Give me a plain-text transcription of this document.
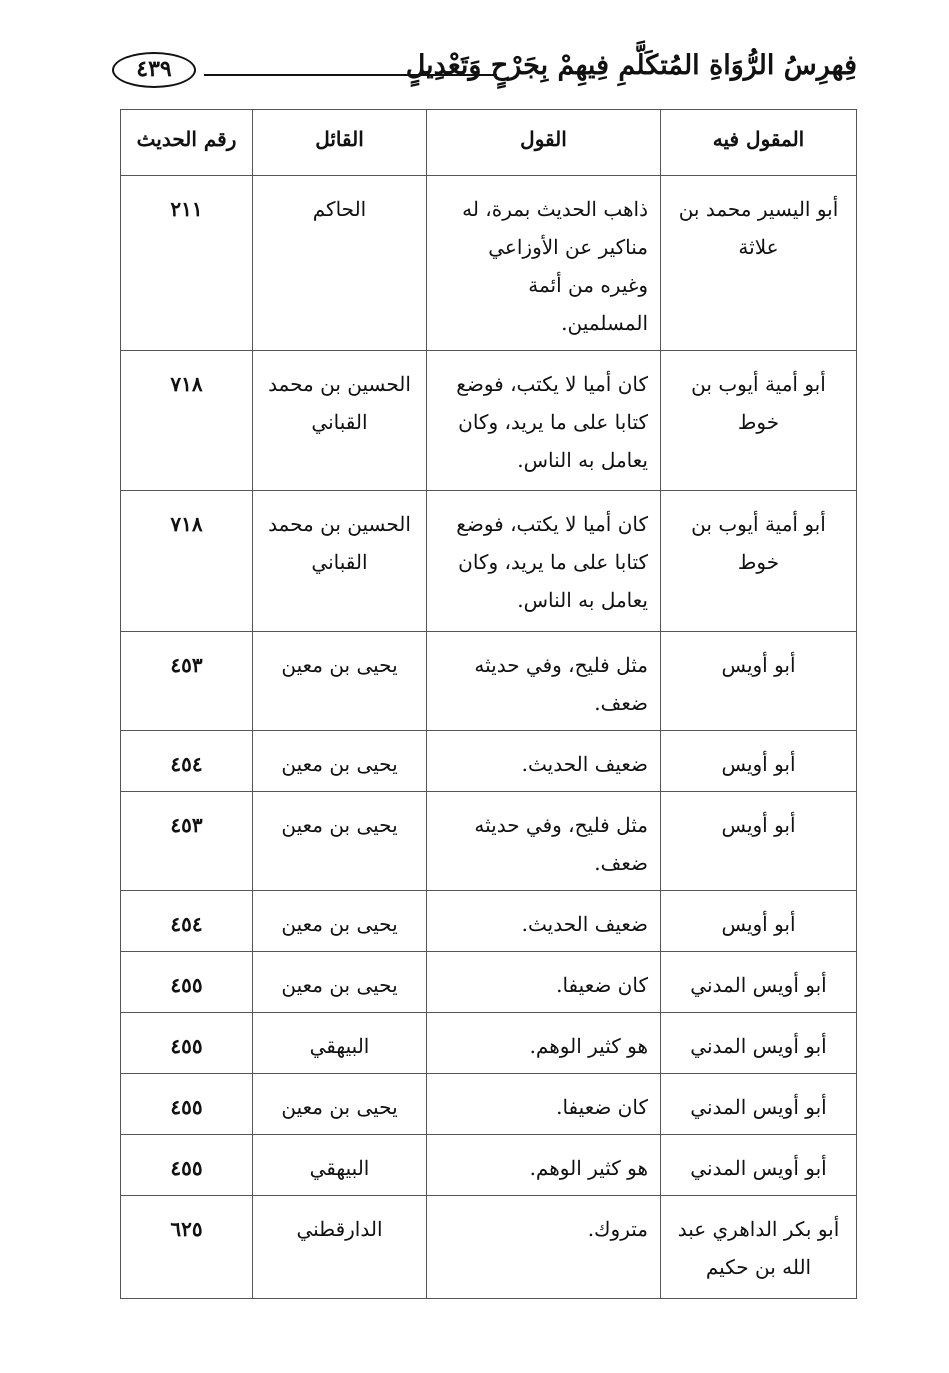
فِهرِسُ الرُّوَاةِ المُتكَلَّمِ فِيهِمْ بِجَرْحٍ وَتَعْدِيلٍ
٤٣٩
المقول فيه	القول	القائل	رقم الحديث
أبو اليسير محمد بن علاثة	ذاهب الحديث بمرة، له مناكير عن الأوزاعي وغيره من أئمة المسلمين.	الحاكم	٢١١
أبو أمية أيوب بن خوط	كان أميا لا يكتب، فوضع كتابا على ما يريد، وكان يعامل به الناس.	الحسين بن محمد القباني	٧١٨
أبو أمية أيوب بن خوط	كان أميا لا يكتب، فوضع كتابا على ما يريد، وكان يعامل به الناس.	الحسين بن محمد القباني	٧١٨
أبو أويس	مثل فليح، وفي حديثه ضعف.	يحيى بن معين	٤٥٣
أبو أويس	ضعيف الحديث.	يحيى بن معين	٤٥٤
أبو أويس	مثل فليح، وفي حديثه ضعف.	يحيى بن معين	٤٥٣
أبو أويس	ضعيف الحديث.	يحيى بن معين	٤٥٤
أبو أويس المدني	كان ضعيفا.	يحيى بن معين	٤٥٥
أبو أويس المدني	هو كثير الوهم.	البيهقي	٤٥٥
أبو أويس المدني	كان ضعيفا.	يحيى بن معين	٤٥٥
أبو أويس المدني	هو كثير الوهم.	البيهقي	٤٥٥
أبو بكر الداهري عبد الله بن حكيم	متروك.	الدارقطني	٦٢٥
